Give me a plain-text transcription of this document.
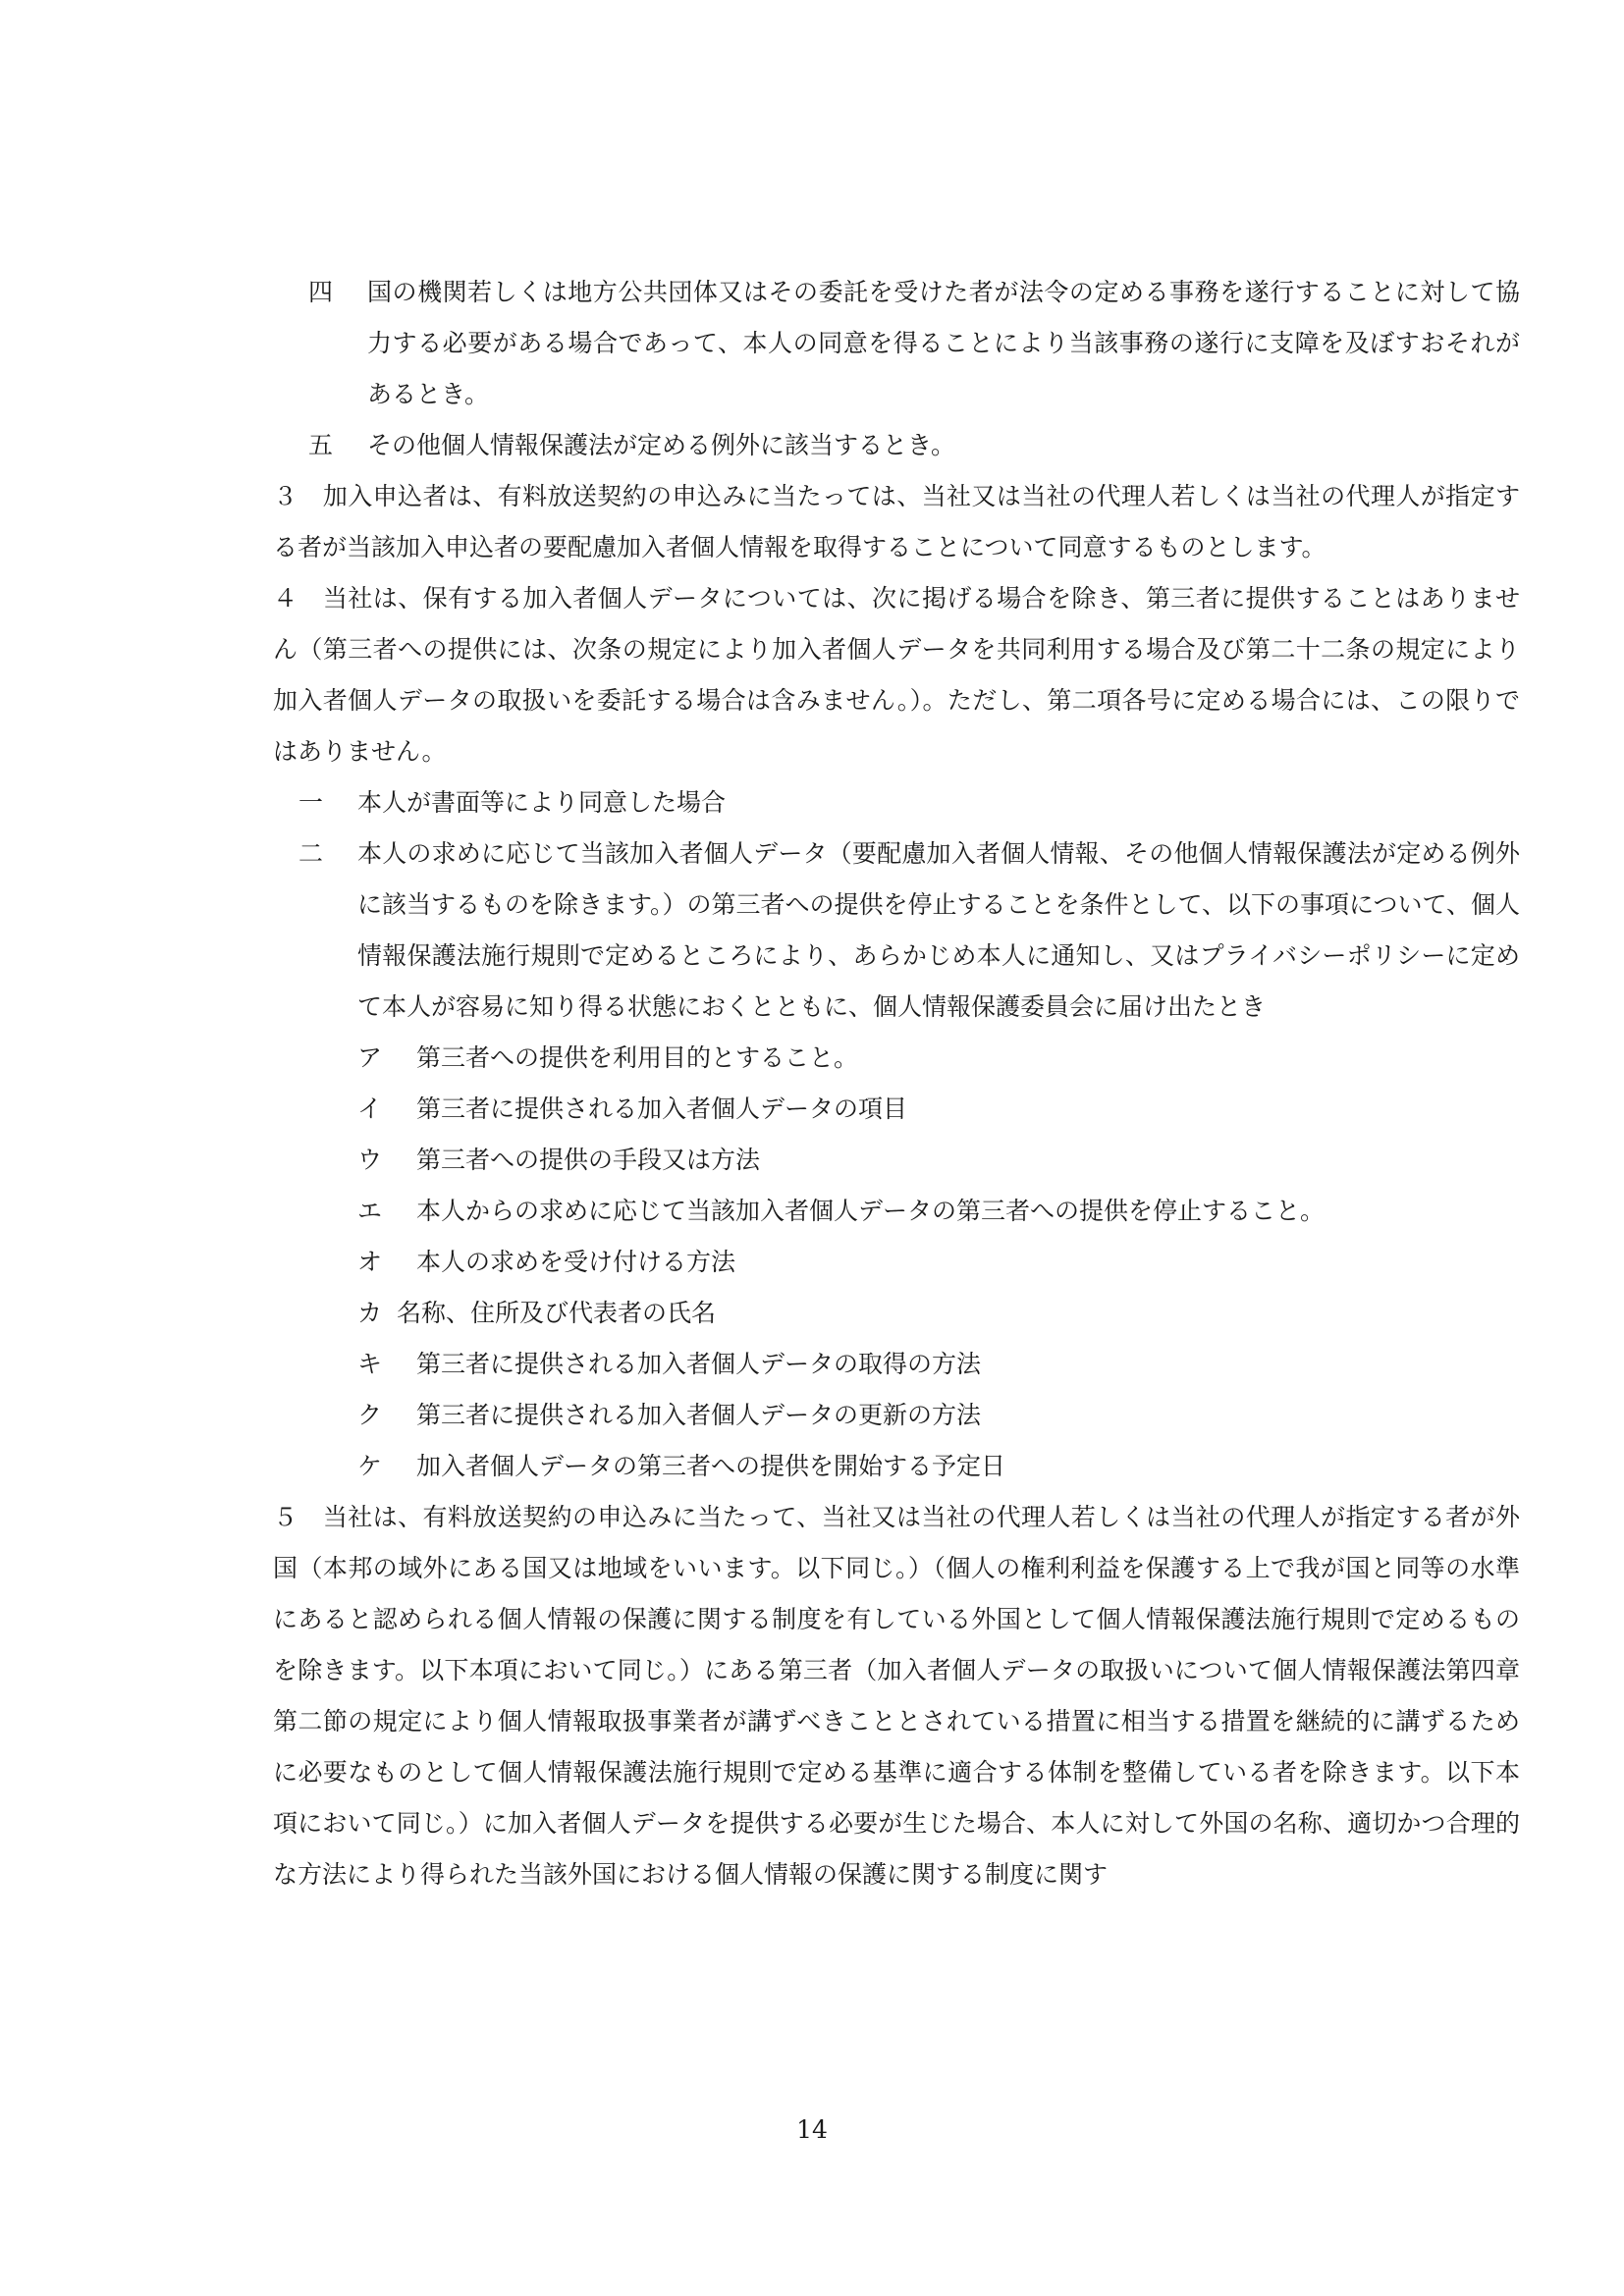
四	国の機関若しくは地方公共団体又はその委託を受けた者が法令の定める事務を遂行することに対して協力する必要がある場合であって、本人の同意を得ることにより当該事務の遂行に支障を及ぼすおそれがあるとき。
五	その他個人情報保護法が定める例外に該当するとき。

３　加入申込者は、有料放送契約の申込みに当たっては、当社又は当社の代理人若しくは当社の代理人が指定する者が当該加入申込者の要配慮加入者個人情報を取得することについて同意するものとします。

４　当社は、保有する加入者個人データについては、次に掲げる場合を除き、第三者に提供することはありません（第三者への提供には、次条の規定により加入者個人データを共同利用する場合及び第二十二条の規定により加入者個人データの取扱いを委託する場合は含みません。）。ただし、第二項各号に定める場合には、この限りではありません。

一	本人が書面等により同意した場合
二	本人の求めに応じて当該加入者個人データ（要配慮加入者個人情報、その他個人情報保護法が定める例外に該当するものを除きます。）の第三者への提供を停止することを条件として、以下の事項について、個人情報保護法施行規則で定めるところにより、あらかじめ本人に通知し、又はプライバシーポリシーに定めて本人が容易に知り得る状態におくとともに、個人情報保護委員会に届け出たとき
ア	第三者への提供を利用目的とすること。
イ	第三者に提供される加入者個人データの項目
ウ	第三者への提供の手段又は方法
エ	本人からの求めに応じて当該加入者個人データの第三者への提供を停止すること。
オ	本人の求めを受け付ける方法
カ 名称、住所及び代表者の氏名
キ	第三者に提供される加入者個人データの取得の方法
ク	第三者に提供される加入者個人データの更新の方法
ケ	加入者個人データの第三者への提供を開始する予定日

５　当社は、有料放送契約の申込みに当たって、当社又は当社の代理人若しくは当社の代理人が指定する者が外国（本邦の域外にある国又は地域をいいます。以下同じ。）（個人の権利利益を保護する上で我が国と同等の水準にあると認められる個人情報の保護に関する制度を有している外国として個人情報保護法施行規則で定めるものを除きます。以下本項において同じ。）にある第三者（加入者個人データの取扱いについて個人情報保護法第四章第二節の規定により個人情報取扱事業者が講ずべきこととされている措置に相当する措置を継続的に講ずるために必要なものとして個人情報保護法施行規則で定める基準に適合する体制を整備している者を除きます。以下本項において同じ。）に加入者個人データを提供する必要が生じた場合、本人に対して外国の名称、適切かつ合理的な方法により得られた当該外国における個人情報の保護に関する制度に関す

14
